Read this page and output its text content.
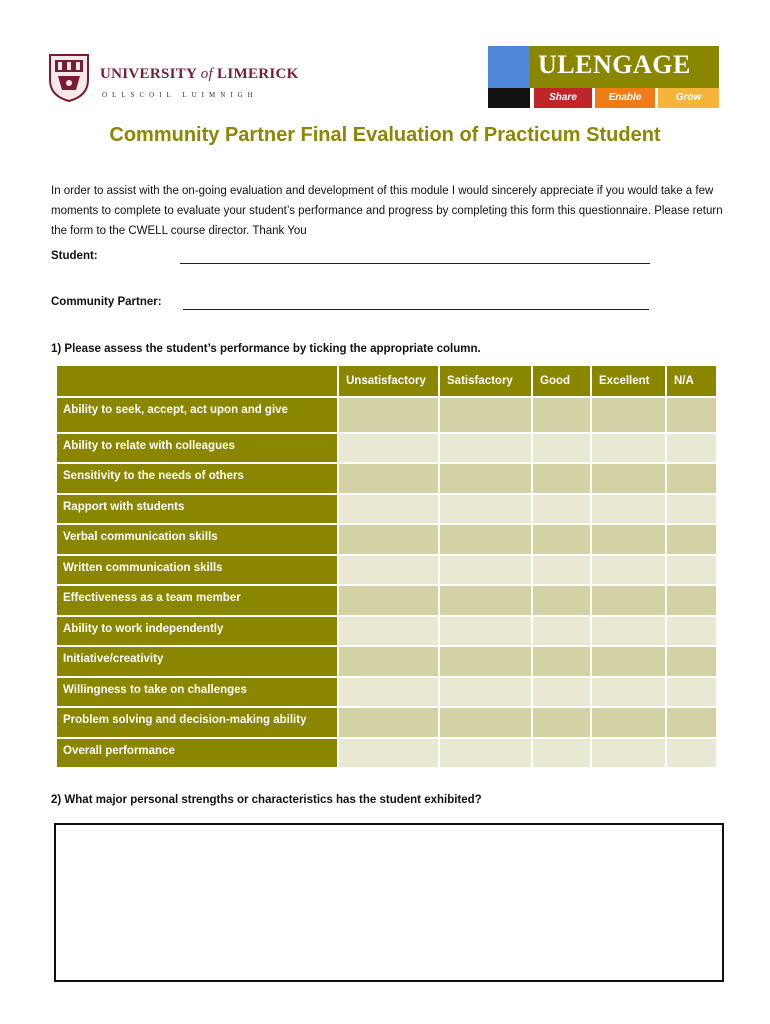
UNIVERSITY of LIMERICK
OLLSCOIL LUIMNIGH
ULENGAGE
Share	Enable	Grow
Community Partner Final Evaluation of Practicum Student

In order to assist with the on-going evaluation and development of this module I would sincerely appreciate if you would take a few moments to complete to evaluate your student’s performance and progress by completing this form this questionnaire. Please return the form to the CWELL course director. Thank You

Student:
Community Partner:

1) Please assess the student’s performance by ticking the appropriate column.

	Unsatisfactory	Satisfactory	Good	Excellent	N/A
Ability to seek, accept, act upon and give					
Ability to relate with colleagues					
Sensitivity to the needs of others					
Rapport with students					
Verbal communication skills					
Written communication skills					
Effectiveness as a team member					
Ability to work independently					
Initiative/creativity					
Willingness to take on challenges					
Problem solving and decision-making ability					
Overall performance					

2) What major personal strengths or characteristics has the student exhibited?
